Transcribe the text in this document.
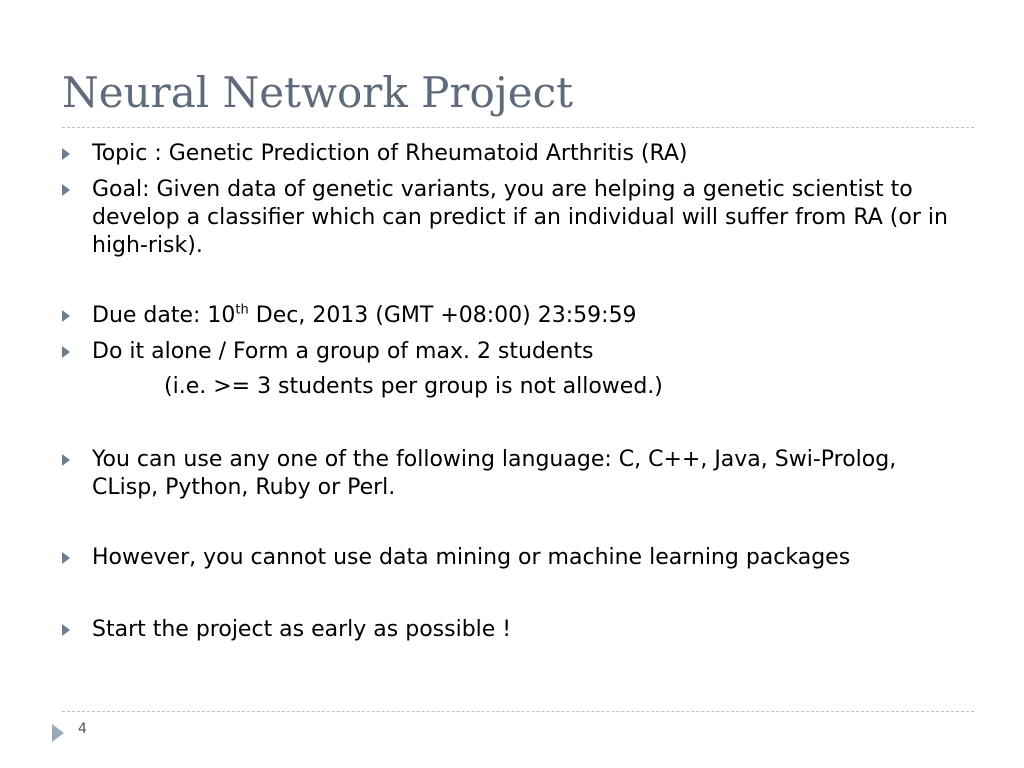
Neural Network Project
Topic : Genetic Prediction of Rheumatoid Arthritis (RA)
Goal: Given data of genetic variants, you are helping a genetic scientist to develop a classifier which can predict if an individual will suffer from RA (or in high-risk).
Due date: 10th Dec, 2013 (GMT +08:00) 23:59:59
Do it alone / Form a group of max. 2 students
You can use any one of the following language: C, C++, Java, Swi-Prolog, CLisp, Python, Ruby or Perl.
However, you cannot use data mining or machine learning packages
Start the project as early as possible !
(i.e. >= 3 students per group is not allowed.)
4
